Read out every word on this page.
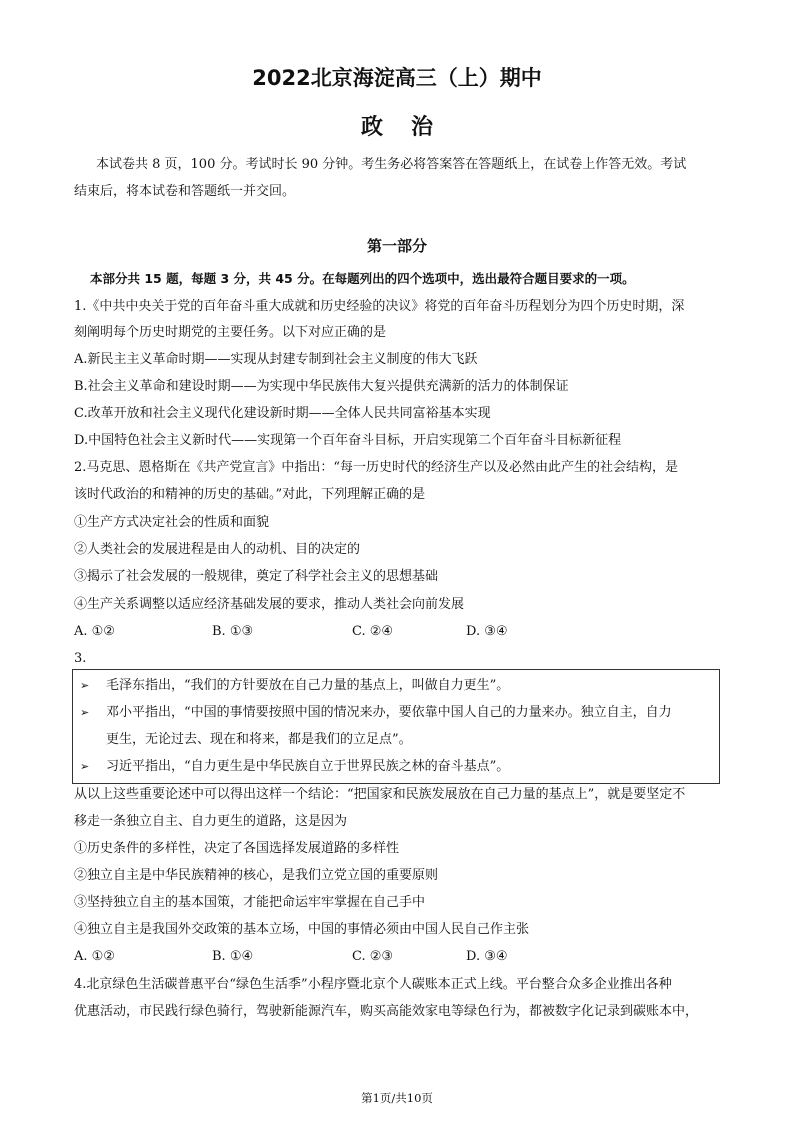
2022北京海淀高三（上）期中
政治
本试卷共 8 页，100 分。考试时长 90 分钟。考生务必将答案答在答题纸上，在试卷上作答无效。考试
结束后，将本试卷和答题纸一并交回。
第一部分
本部分共 15 题，每题 3 分，共 45 分。在每题列出的四个选项中，选出最符合题目要求的一项。
1.《中共中央关于党的百年奋斗重大成就和历史经验的决议》将党的百年奋斗历程划分为四个历史时期，深
刻阐明每个历史时期党的主要任务。以下对应正确的是
A.新民主主义革命时期——实现从封建专制到社会主义制度的伟大飞跃
B.社会主义革命和建设时期——为实现中华民族伟大复兴提供充满新的活力的体制保证
C.改革开放和社会主义现代化建设新时期——全体人民共同富裕基本实现
D.中国特色社会主义新时代——实现第一个百年奋斗目标，开启实现第二个百年奋斗目标新征程
2.马克思、恩格斯在《共产党宣言》中指出：“每一历史时代的经济生产以及必然由此产生的社会结构，是
该时代政治的和精神的历史的基础。”对此，下列理解正确的是
①生产方式决定社会的性质和面貌
②人类社会的发展进程是由人的动机、目的决定的
③揭示了社会发展的一般规律，奠定了科学社会主义的思想基础
④生产关系调整以适应经济基础发展的要求，推动人类社会向前发展
A. ①②	B. ①③	C. ②④	D. ③④
3.
➢ 毛泽东指出，“我们的方针要放在自己力量的基点上，叫做自力更生”。
➢ 邓小平指出，“中国的事情要按照中国的情况来办，要依靠中国人自己的力量来办。独立自主，自力
更生，无论过去、现在和将来，都是我们的立足点”。
➢ 习近平指出，“自力更生是中华民族自立于世界民族之林的奋斗基点”。
从以上这些重要论述中可以得出这样一个结论：“把国家和民族发展放在自己力量的基点上”，就是要坚定不
移走一条独立自主、自力更生的道路，这是因为
①历史条件的多样性，决定了各国选择发展道路的多样性
②独立自主是中华民族精神的核心，是我们立党立国的重要原则
③坚持独立自主的基本国策，才能把命运牢牢掌握在自己手中
④独立自主是我国外交政策的基本立场，中国的事情必须由中国人民自己作主张
A. ①②	B. ①④	C. ②③	D. ③④
4.北京绿色生活碳普惠平台“绿色生活季”小程序暨北京个人碳账本正式上线。平台整合众多企业推出各种
优惠活动，市民践行绿色骑行，驾驶新能源汽车，购买高能效家电等绿色行为，都被数字化记录到碳账本中，
第1页/共10页
